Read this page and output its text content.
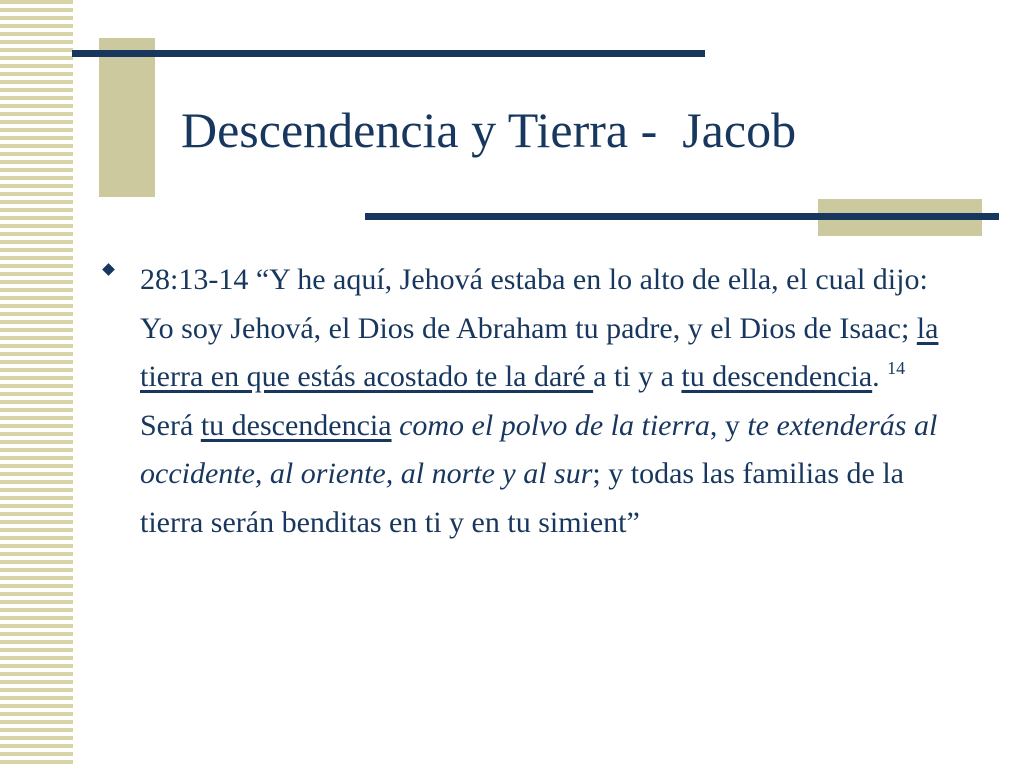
Descendencia y Tierra -  Jacob

28:13-14 “Y he aquí, Jehová estaba en lo alto de ella, el cual dijo: Yo soy Jehová, el Dios de Abraham tu padre, y el Dios de Isaac; la tierra en que estás acostado te la daré a ti y a tu descendencia. $^{14}$ Será tu descendencia como el polvo de la tierra, y te extenderás al occidente, al oriente, al norte y al sur; y todas las familias de la tierra serán benditas en ti y en tu simient”
